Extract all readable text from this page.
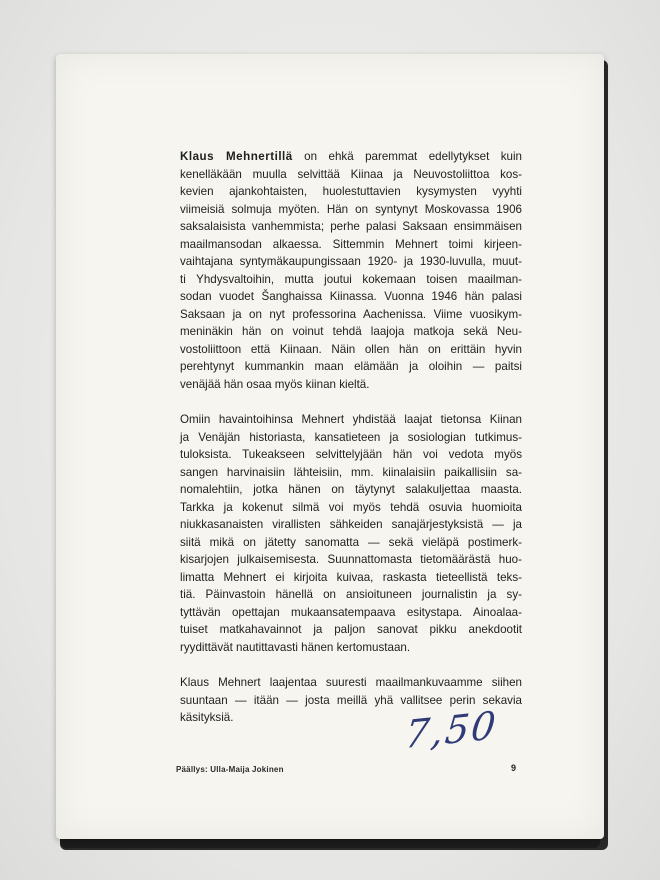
Klaus Mehnertillä on ehkä paremmat edellytykset kuin
kenelläkään muulla selvittää Kiinaa ja Neuvostoliittoa kos-
kevien ajankohtaisten, huolestuttavien kysymysten vyyhti
viimeisiä solmuja myöten. Hän on syntynyt Moskovassa 1906
saksalaisista vanhemmista; perhe palasi Saksaan ensimmäisen
maailmansodan alkaessa. Sittemmin Mehnert toimi kirjeen-
vaihtajana syntymäkaupungissaan 1920- ja 1930-luvulla, muut-
ti Yhdysvaltoihin, mutta joutui kokemaan toisen maailman-
sodan vuodet Šanghaissa Kiinassa. Vuonna 1946 hän palasi
Saksaan ja on nyt professorina Aachenissa. Viime vuosikym-
meninäkin hän on voinut tehdä laajoja matkoja sekä Neu-
vostoliittoon että Kiinaan. Näin ollen hän on erittäin hyvin
perehtynyt kummankin maan elämään ja oloihin — paitsi
venäjää hän osaa myös kiinan kieltä.
Omiin havaintoihinsa Mehnert yhdistää laajat tietonsa Kiinan
ja Venäjän historiasta, kansatieteen ja sosiologian tutkimus-
tuloksista. Tukeakseen selvittelyjään hän voi vedota myös
sangen harvinaisiin lähteisiin, mm. kiinalaisiin paikallisiin sa-
nomalehtiin, jotka hänen on täytynyt salakuljettaa maasta.
Tarkka ja kokenut silmä voi myös tehdä osuvia huomioita
niukkasanaisten virallisten sähkeiden sanajärjestyksistä — ja
siitä mikä on jätetty sanomatta — sekä vieläpä postimerk-
kisarjojen julkaisemisesta. Suunnattomasta tietomäärästä huo-
limatta Mehnert ei kirjoita kuivaa, raskasta tieteellistä teks-
tiä. Päinvastoin hänellä on ansioituneen journalistin ja sy-
tyttävän opettajan mukaansatempaava esitystapa. Ainoalaa-
tuiset matkahavainnot ja paljon sanovat pikku anekdootit
ryydittävät nautittavasti hänen kertomustaan.
Klaus Mehnert laajentaa suuresti maailmankuvaamme siihen
suuntaan — itään — josta meillä yhä vallitsee perin sekavia
käsityksiä.	7,50
Päällys: Ulla-Maija Jokinen	9
